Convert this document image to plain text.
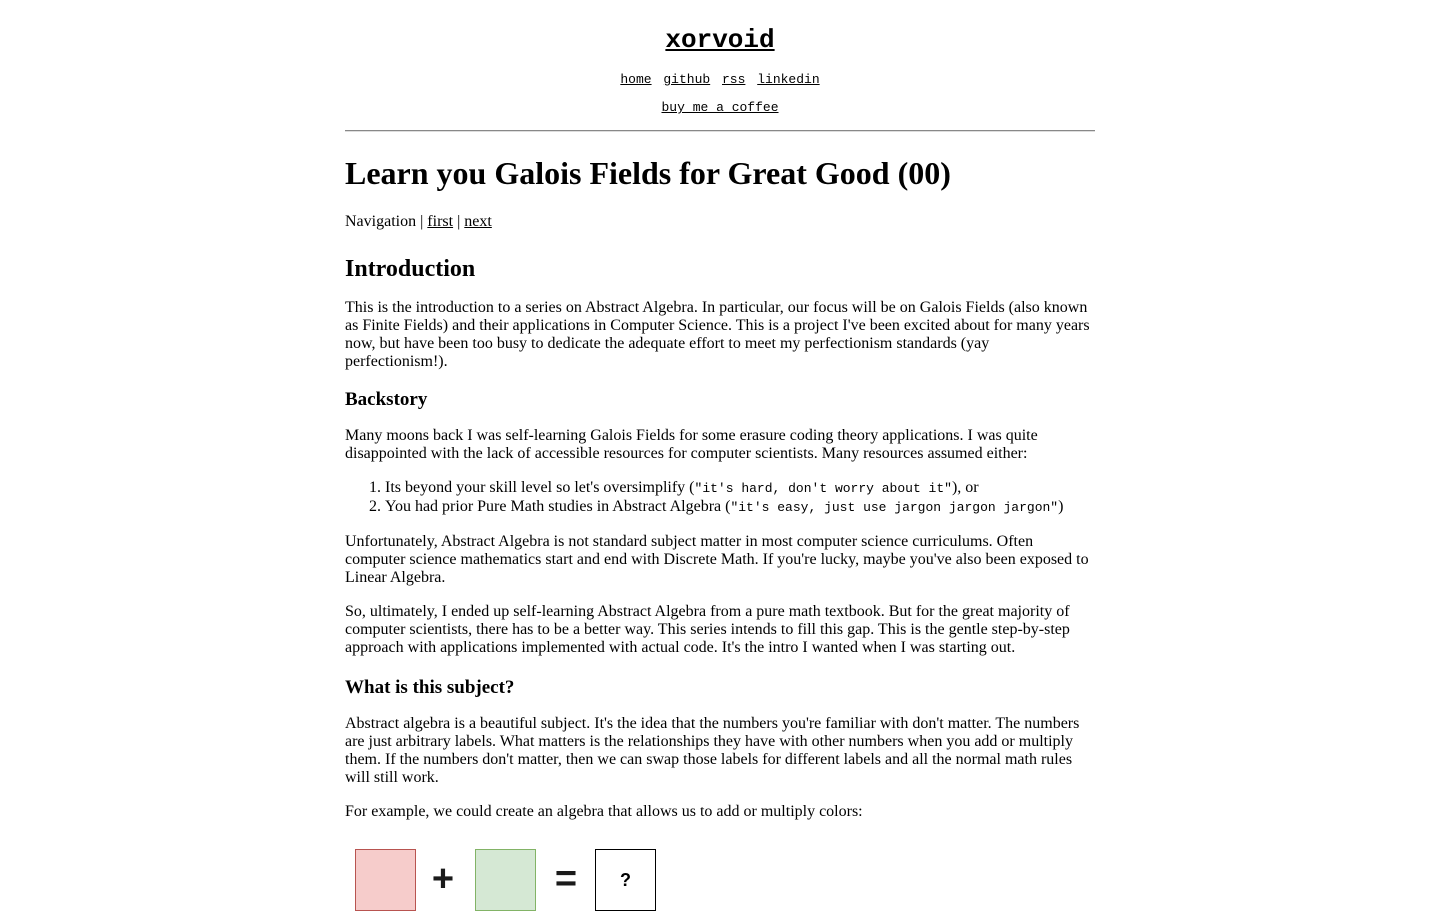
xorvoid
home github rss linkedin
buy me a coffee
Learn you Galois Fields for Great Good (00)
Navigation | first | next
Introduction

This is the introduction to a series on Abstract Algebra. In particular, our focus will be on Galois Fields (also known as Finite Fields) and their applications in Computer Science. This is a project I've been excited about for many years now, but have been too busy to dedicate the adequate effort to meet my perfectionism standards (yay perfectionism!).

Backstory

Many moons back I was self-learning Galois Fields for some erasure coding theory applications. I was quite disappointed with the lack of accessible resources for computer scientists. Many resources assumed either:

1. Its beyond your skill level so let's oversimplify ("it's hard, don't worry about it"), or
2. You had prior Pure Math studies in Abstract Algebra ("it's easy, just use jargon jargon jargon")

Unfortunately, Abstract Algebra is not standard subject matter in most computer science curriculums. Often computer science mathematics start and end with Discrete Math. If you're lucky, maybe you've also been exposed to Linear Algebra.

So, ultimately, I ended up self-learning Abstract Algebra from a pure math textbook. But for the great majority of computer scientists, there has to be a better way. This series intends to fill this gap. This is the gentle step-by-step approach with applications implemented with actual code. It's the intro I wanted when I was starting out.

What is this subject?

Abstract algebra is a beautiful subject. It's the idea that the numbers you're familiar with don't matter. The numbers are just arbitrary labels. What matters is the relationships they have with other numbers when you add or multiply them. If the numbers don't matter, then we can swap those labels for different labels and all the normal math rules will still work.

For example, we could create an algebra that allows us to add or multiply colors:

+	=	?
